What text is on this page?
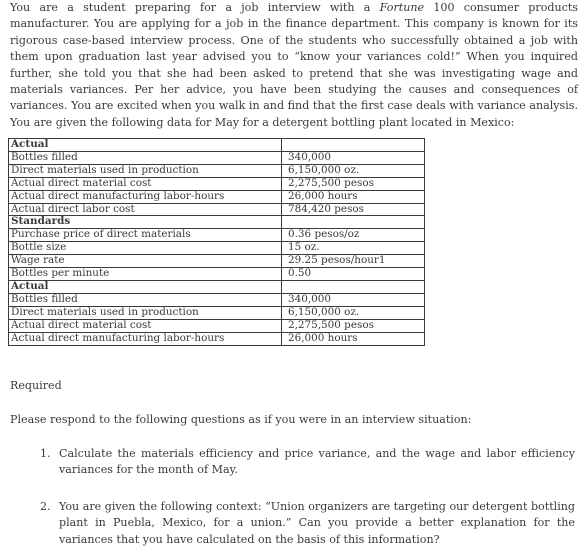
You are a student preparing for a job interview with a Fortune 100 consumer products manufacturer. You are applying for a job in the finance department. This company is known for its rigorous case-based interview process. One of the students who successfully obtained a job with them upon graduation last year advised you to “know your variances cold!” When you inquired further, she told you that she had been asked to pretend that she was investigating wage and materials variances. Per her advice, you have been studying the causes and consequences of variances. You are excited when you walk in and find that the first case deals with variance analysis. You are given the following data for May for a detergent bottling plant located in Mexico:

Actual	
Bottles filled	340,000
Direct materials used in production	6,150,000 oz.
Actual direct material cost	2,275,500 pesos
Actual direct manufacturing labor-hours	26,000 hours
Actual direct labor cost	784,420 pesos
Standards	
Purchase price of direct materials	0.36 pesos/oz
Bottle size	15 oz.
Wage rate	29.25 pesos/hour1
Bottles per minute	0.50
Actual	
Bottles filled	340,000
Direct materials used in production	6,150,000 oz.
Actual direct material cost	2,275,500 pesos
Actual direct manufacturing labor-hours	26,000 hours

Required

Please respond to the following questions as if you were in an interview situation:

1. Calculate the materials efficiency and price variance, and the wage and labor efficiency variances for the month of May.
2. You are given the following context: “Union organizers are targeting our detergent bottling plant in Puebla, Mexico, for a union.” Can you provide a better explanation for the variances that you have calculated on the basis of this information?
